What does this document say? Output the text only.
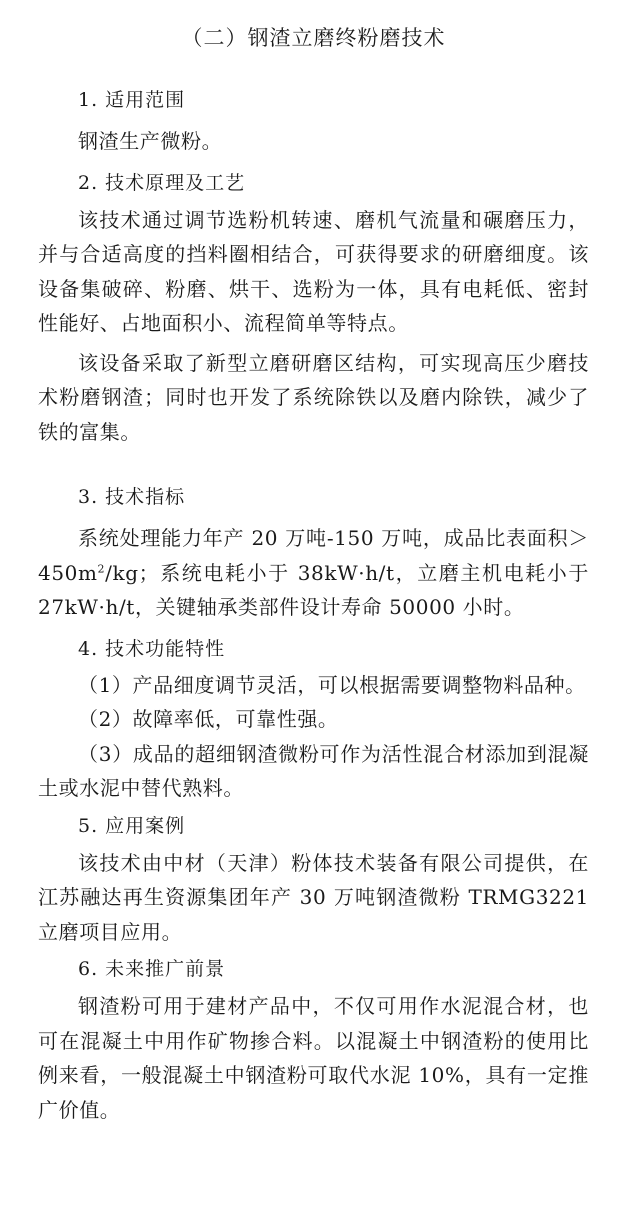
（二）钢渣立磨终粉磨技术
1. 适用范围

钢渣生产微粉。

2. 技术原理及工艺

该技术通过调节选粉机转速、磨机气流量和碾磨压力，并与合适高度的挡料圈相结合，可获得要求的研磨细度。该设备集破碎、粉磨、烘干、选粉为一体，具有电耗低、密封性能好、占地面积小、流程简单等特点。

该设备采取了新型立磨研磨区结构，可实现高压少磨技术粉磨钢渣；同时也开发了系统除铁以及磨内除铁，减少了铁的富集。

3. 技术指标

系统处理能力年产 20 万吨-150 万吨，成品比表面积$>450m^2/kg$；系统电耗小于 38kW·h/t，立磨主机电耗小于 27kW·h/t，关键轴承类部件设计寿命 50000 小时。

4. 技术功能特性

（1）产品细度调节灵活，可以根据需要调整物料品种。

（2）故障率低，可靠性强。

（3）成品的超细钢渣微粉可作为活性混合材添加到混凝土或水泥中替代熟料。

5. 应用案例

该技术由中材（天津）粉体技术装备有限公司提供，在江苏融达再生资源集团年产 30 万吨钢渣微粉 TRMG3221 立磨项目应用。

6. 未来推广前景

钢渣粉可用于建材产品中，不仅可用作水泥混合材，也可在混凝土中用作矿物掺合料。以混凝土中钢渣粉的使用比例来看，一般混凝土中钢渣粉可取代水泥 10%，具有一定推广价值。
